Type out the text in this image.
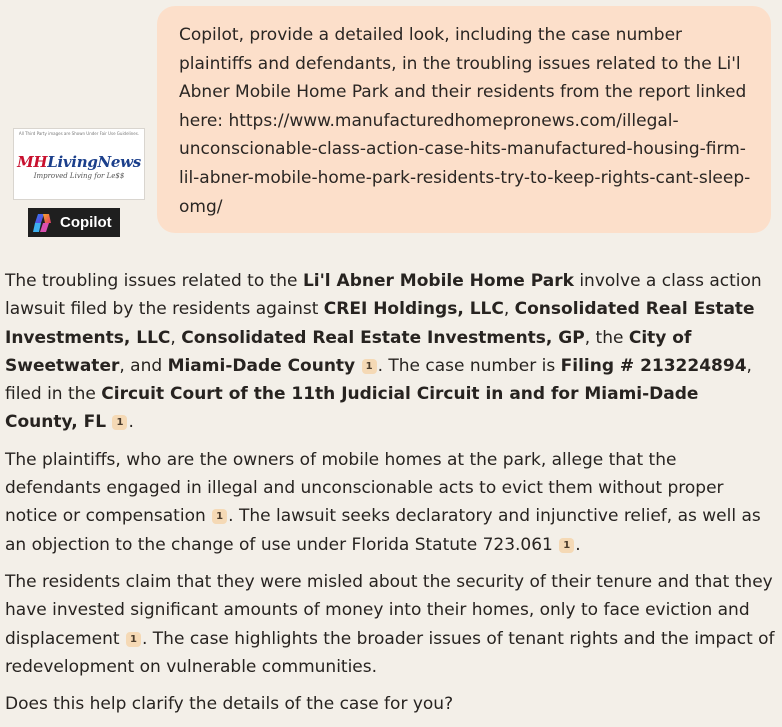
All Third Party images are Shown Under Fair Use Guidelines.
MHLivingNews
Improved Living for Le$$
Copilot
Copilot, provide a detailed look, including the case number plaintiffs and defendants, in the troubling issues related to the Li'l Abner Mobile Home Park and their residents from the report linked here: https://www.manufacturedhomepronews.com/illegal-unconscionable-class-action-case-hits-manufactured-housing-firm-lil-abner-mobile-home-park-residents-try-to-keep-rights-cant-sleep-omg/

The troubling issues related to the Li'l Abner Mobile Home Park involve a class action lawsuit filed by the residents against CREI Holdings, LLC, Consolidated Real Estate Investments, LLC, Consolidated Real Estate Investments, GP, the City of Sweetwater, and Miami-Dade County 1 . The case number is Filing # 213224894, filed in the Circuit Court of the 11th Judicial Circuit in and for Miami-Dade County, FL 1 .

The plaintiffs, who are the owners of mobile homes at the park, allege that the defendants engaged in illegal and unconscionable acts to evict them without proper notice or compensation 1 . The lawsuit seeks declaratory and injunctive relief, as well as an objection to the change of use under Florida Statute 723.061 1 .

The residents claim that they were misled about the security of their tenure and that they have invested significant amounts of money into their homes, only to face eviction and displacement 1 . The case highlights the broader issues of tenant rights and the impact of redevelopment on vulnerable communities.

Does this help clarify the details of the case for you?
